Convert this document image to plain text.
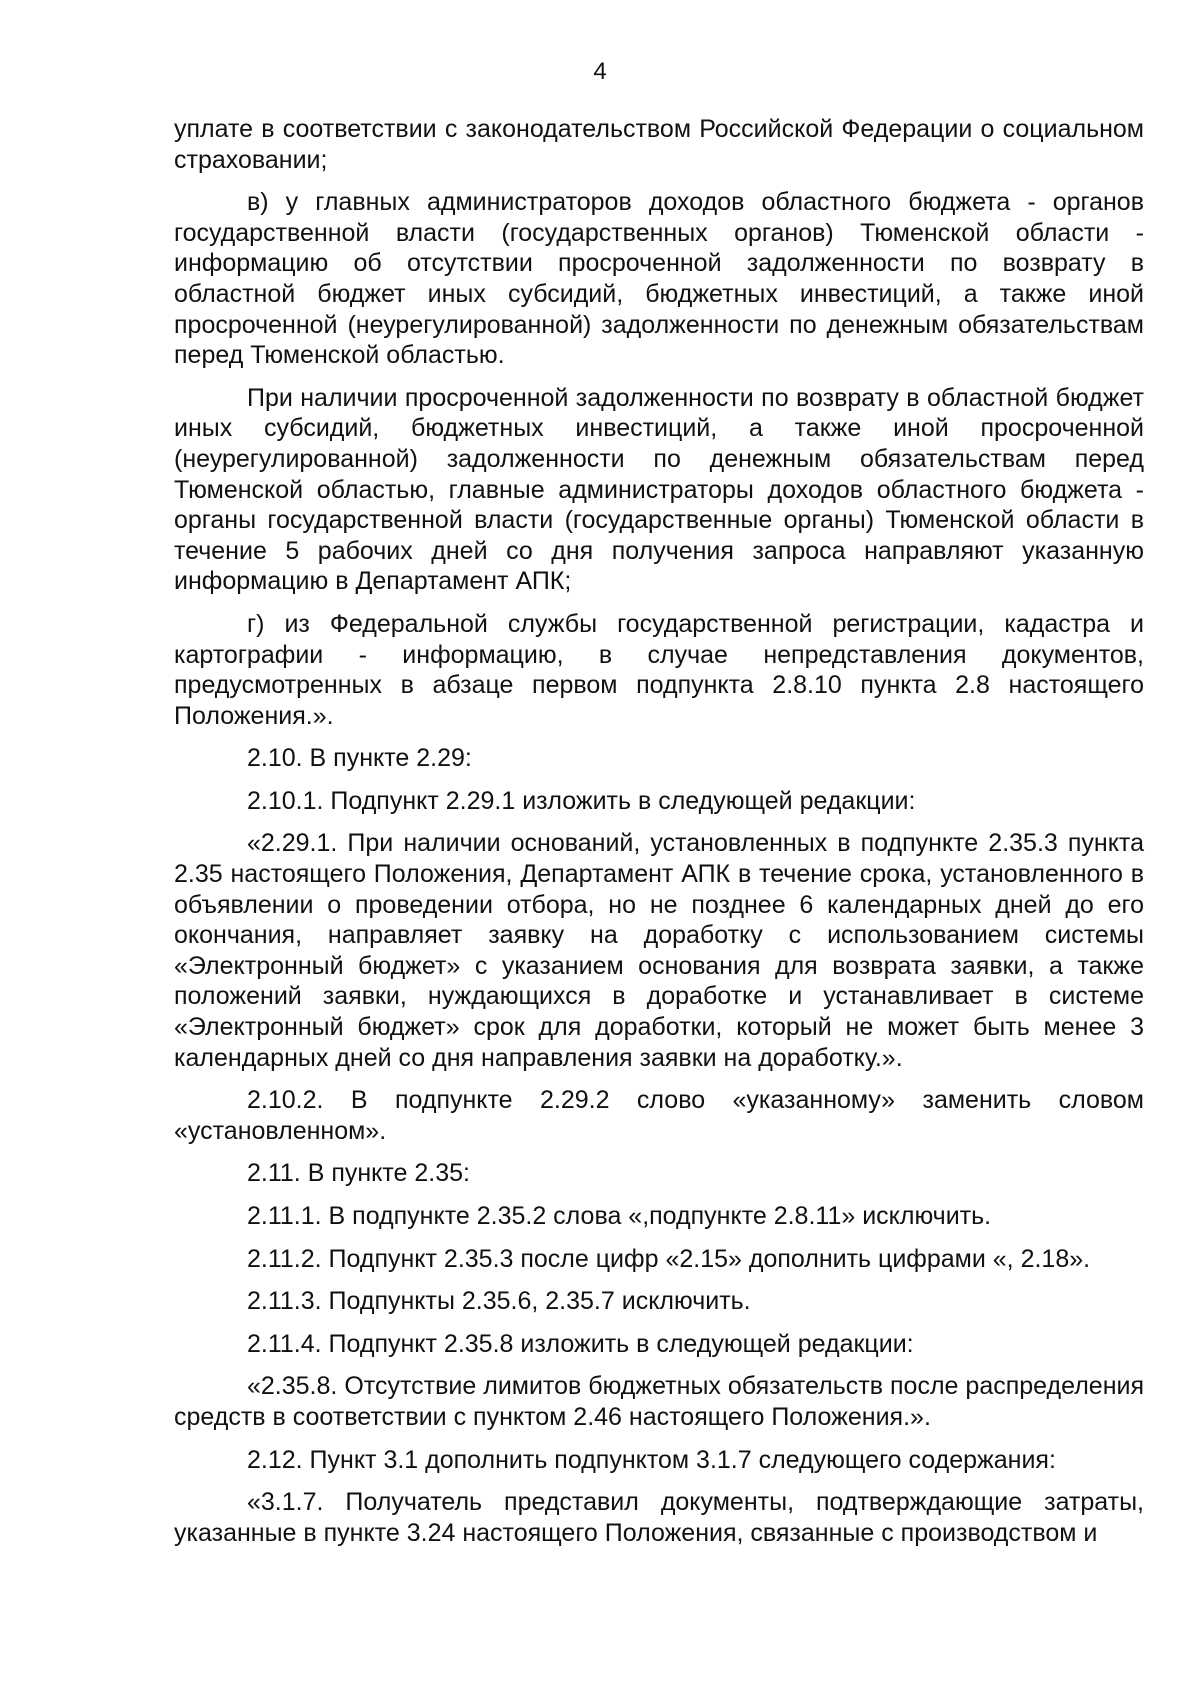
4

уплате в соответствии с законодательством Российской Федерации о социальном страховании;

в) у главных администраторов доходов областного бюджета - органов государственной власти (государственных органов) Тюменской области - информацию об отсутствии просроченной задолженности по возврату в областной бюджет иных субсидий, бюджетных инвестиций, а также иной просроченной (неурегулированной) задолженности по денежным обязательствам перед Тюменской областью.

При наличии просроченной задолженности по возврату в областной бюджет иных субсидий, бюджетных инвестиций, а также иной просроченной (неурегулированной) задолженности по денежным обязательствам перед Тюменской областью, главные администраторы доходов областного бюджета - органы государственной власти (государственные органы) Тюменской области в течение 5 рабочих дней со дня получения запроса направляют указанную информацию в Департамент АПК;

г) из Федеральной службы государственной регистрации, кадастра и картографии - информацию, в случае непредставления документов, предусмотренных в абзаце первом подпункта 2.8.10 пункта 2.8 настоящего Положения.».

2.10. В пункте 2.29:

2.10.1. Подпункт 2.29.1 изложить в следующей редакции:

«2.29.1. При наличии оснований, установленных в подпункте 2.35.3 пункта 2.35 настоящего Положения, Департамент АПК в течение срока, установленного в объявлении о проведении отбора, но не позднее 6 календарных дней до его окончания, направляет заявку на доработку с использованием системы «Электронный бюджет» с указанием основания для возврата заявки, а также положений заявки, нуждающихся в доработке и устанавливает в системе «Электронный бюджет» срок для доработки, который не может быть менее 3 календарных дней со дня направления заявки на доработку.».

2.10.2. В подпункте 2.29.2 слово «указанному» заменить словом «установленном».

2.11. В пункте 2.35:

2.11.1. В подпункте 2.35.2 слова «,подпункте 2.8.11» исключить.

2.11.2. Подпункт 2.35.3 после цифр «2.15» дополнить цифрами «, 2.18».

2.11.3. Подпункты 2.35.6, 2.35.7 исключить.

2.11.4. Подпункт 2.35.8 изложить в следующей редакции:

«2.35.8. Отсутствие лимитов бюджетных обязательств после распределения средств в соответствии с пунктом 2.46 настоящего Положения.».

2.12. Пункт 3.1 дополнить подпунктом 3.1.7 следующего содержания:

«3.1.7. Получатель представил документы, подтверждающие затраты, указанные в пункте 3.24 настоящего Положения, связанные с производством и
